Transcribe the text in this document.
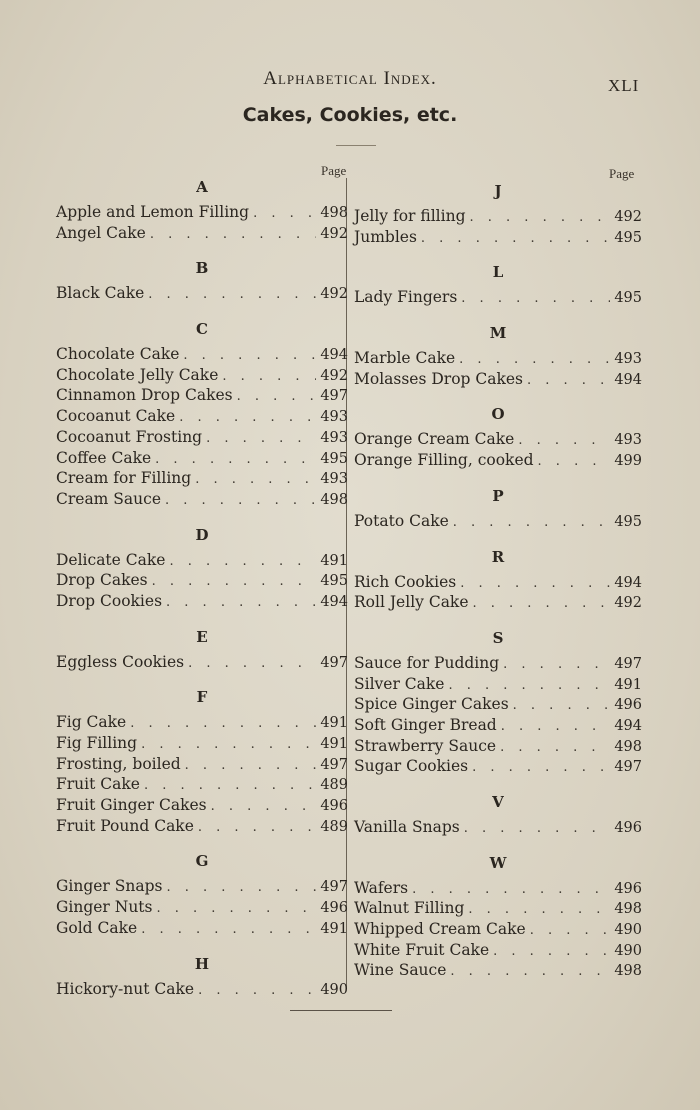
Alphabetical Index.	XLI
Cakes, Cookies, etc.
Page	Page
A
Apple and Lemon Filling . . .	498
Angel Cake . . .	492
B
Black Cake . . .	492
C
Chocolate Cake . . .	494
Chocolate Jelly Cake . . .	492
Cinnamon Drop Cakes . . .	497
Cocoanut Cake . . .	493
Cocoanut Frosting . . .	493
Coffee Cake . . .	495
Cream for Filling . . .	493
Cream Sauce . . .	498
D
Delicate Cake . . .	491
Drop Cakes . . .	495
Drop Cookies . . .	494
E
Eggless Cookies . . .	497
F
Fig Cake . . .	491
Fig Filling . . .	491
Frosting, boiled . . .	497
Fruit Cake . . .	489
Fruit Ginger Cakes . . .	496
Fruit Pound Cake . . .	489
G
Ginger Snaps . . .	497
Ginger Nuts . . .	496
Gold Cake . . .	491
H
Hickory-nut Cake . . .	490
J
Jelly for filling . . .	492
Jumbles . . .	495
L
Lady Fingers . . .	495
M
Marble Cake . . .	493
Molasses Drop Cakes . . .	494
O
Orange Cream Cake . . .	493
Orange Filling, cooked . . .	499
P
Potato Cake . . .	495
R
Rich Cookies . . .	494
Roll Jelly Cake . . .	492
S
Sauce for Pudding . . .	497
Silver Cake . . .	491
Spice Ginger Cakes . . .	496
Soft Ginger Bread . . .	494
Strawberry Sauce . . .	498
Sugar Cookies . . .	497
V
Vanilla Snaps . . .	496
W
Wafers . . .	496
Walnut Filling . . .	498
Whipped Cream Cake . . .	490
White Fruit Cake . . .	490
Wine Sauce . . .	498
